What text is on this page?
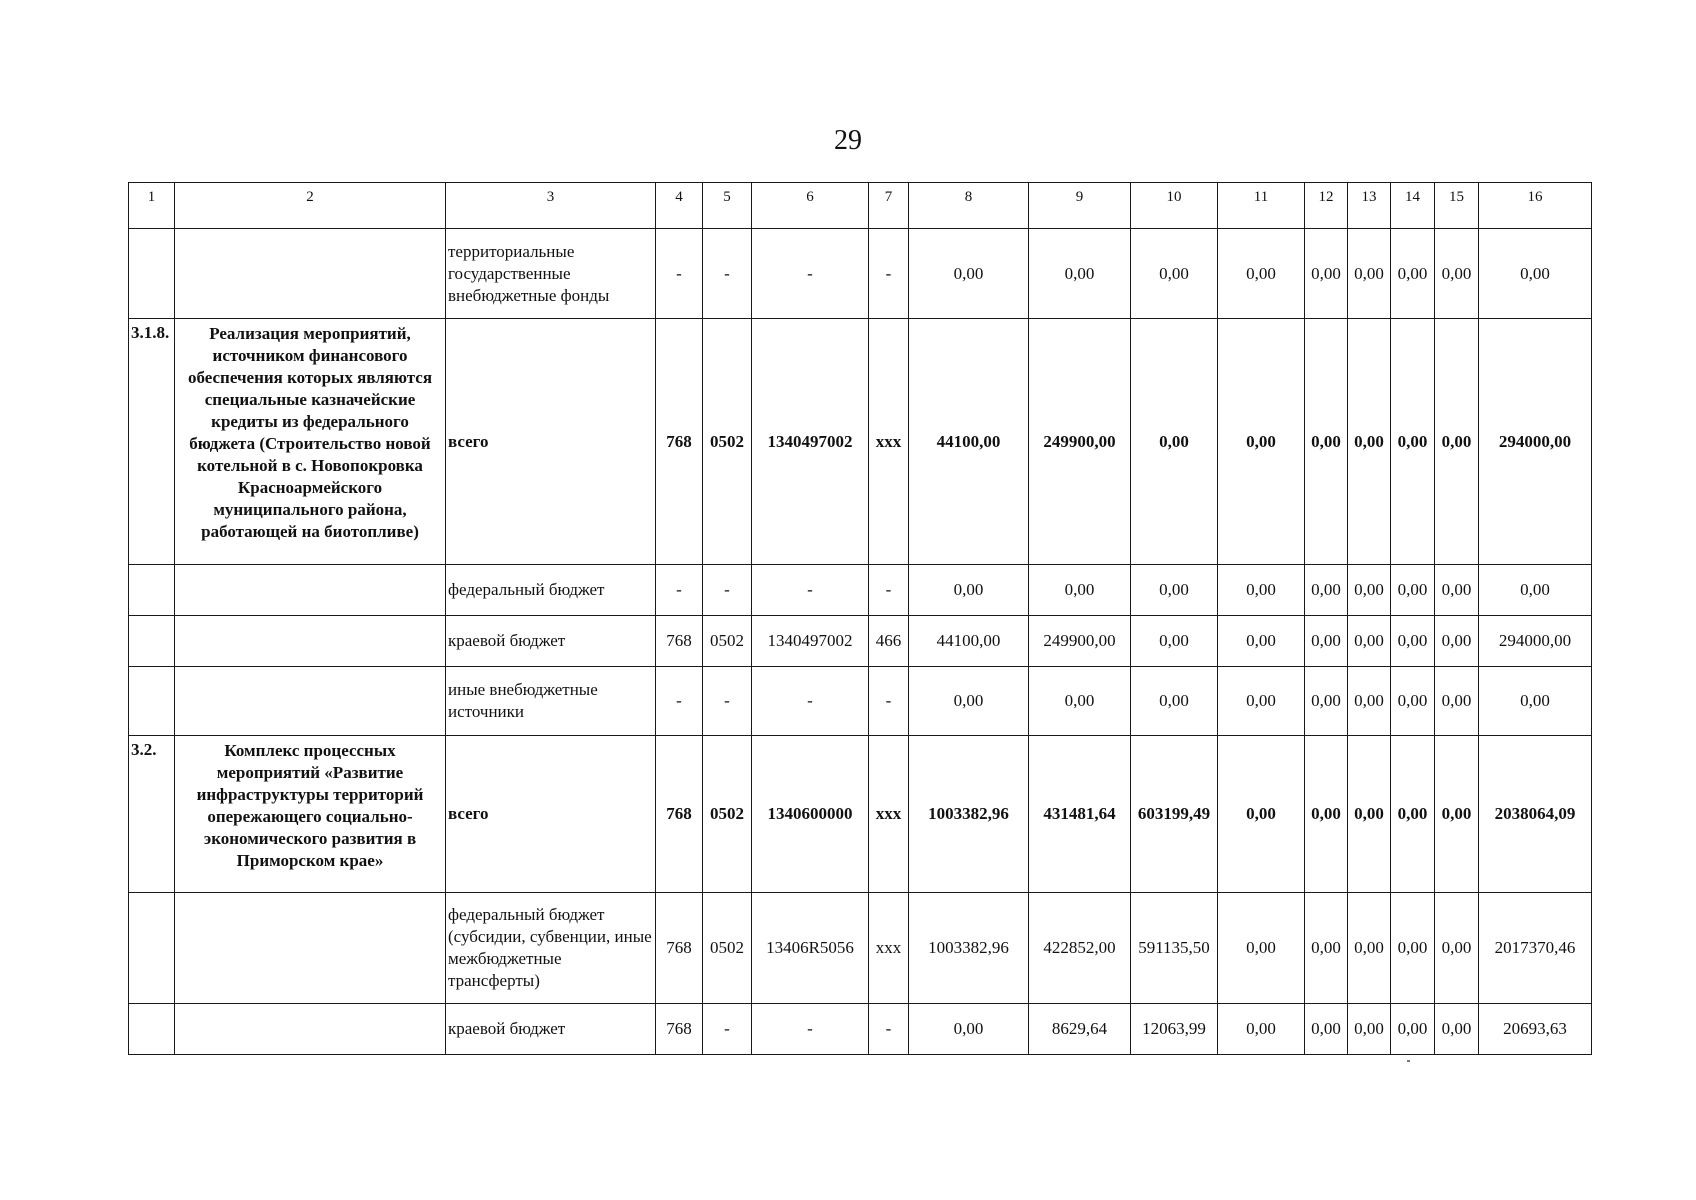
29
1	2	3	4	5	6	7	8	9	10	11	12	13	14	15	16
		территориальные государственные внебюджетные фонды	-	-	-	-	0,00	0,00	0,00	0,00	0,00	0,00	0,00	0,00	0,00
3.1.8.	Реализация мероприятий, источником финансового обеспечения которых являются специальные казначейские кредиты из федерального бюджета (Строительство новой котельной в с. Новопокровка Красноармейского муниципального района, работающей на биотопливе)	всего	768	0502	1340497002	xxx	44100,00	249900,00	0,00	0,00	0,00	0,00	0,00	0,00	294000,00
		федеральный бюджет	-	-	-	-	0,00	0,00	0,00	0,00	0,00	0,00	0,00	0,00	0,00
		краевой бюджет	768	0502	1340497002	466	44100,00	249900,00	0,00	0,00	0,00	0,00	0,00	0,00	294000,00
		иные внебюджетные источники	-	-	-	-	0,00	0,00	0,00	0,00	0,00	0,00	0,00	0,00	0,00
3.2.	Комплекс процессных мероприятий «Развитие инфраструктуры территорий опережающего социально-экономического развития в Приморском крае»	всего	768	0502	1340600000	xxx	1003382,96	431481,64	603199,49	0,00	0,00	0,00	0,00	0,00	2038064,09
		федеральный бюджет (субсидии, субвенции, иные межбюджетные трансферты)	768	0502	13406R5056	xxx	1003382,96	422852,00	591135,50	0,00	0,00	0,00	0,00	0,00	2017370,46
		краевой бюджет	768	-	-	-	0,00	8629,64	12063,99	0,00	0,00	0,00	0,00	0,00	20693,63
